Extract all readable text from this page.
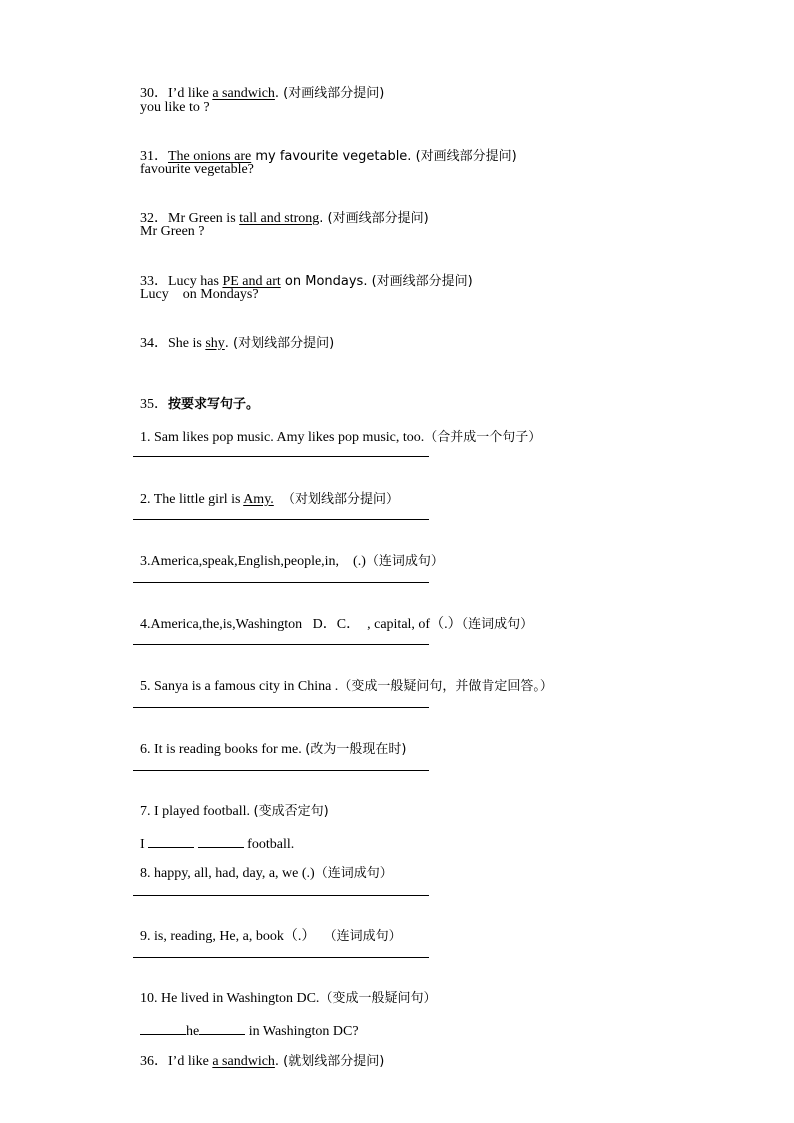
30．I’d like a sandwich. (对画线部分提问)

you like to ?

31．The onions are my favourite vegetable. (对画线部分提问)

favourite vegetable?

32．Mr Green is tall and strong. (对画线部分提问)

Mr Green ?

33．Lucy has PE and art on Mondays. (对画线部分提问)

Lucy    on Mondays?

34．She is shy. (对划线部分提问)

35．按要求写句子。

1. Sam likes pop music. Amy likes pop music, too.（合并成一个句子）

2. The little girl is Amy.  （对划线部分提问）

3.America,speak,English,people,in,    (.)（连词成句）

4.America,the,is,Washington   D．C．  , capital, of（.）（连词成句）

5. Sanya is a famous city in China .（变成一般疑问句，并做肯定回答。）

6. It is reading books for me. (改为一般现在时)

7. I played football. (变成否定句)

I	football.

8. happy, all, had, day, a, we (.)（连词成句）

9. is, reading, He, a, book（.）  （连词成句）

10. He lived in Washington DC.（变成一般疑问句）

he	in Washington DC?

36．I’d like a sandwich. (就划线部分提问)
